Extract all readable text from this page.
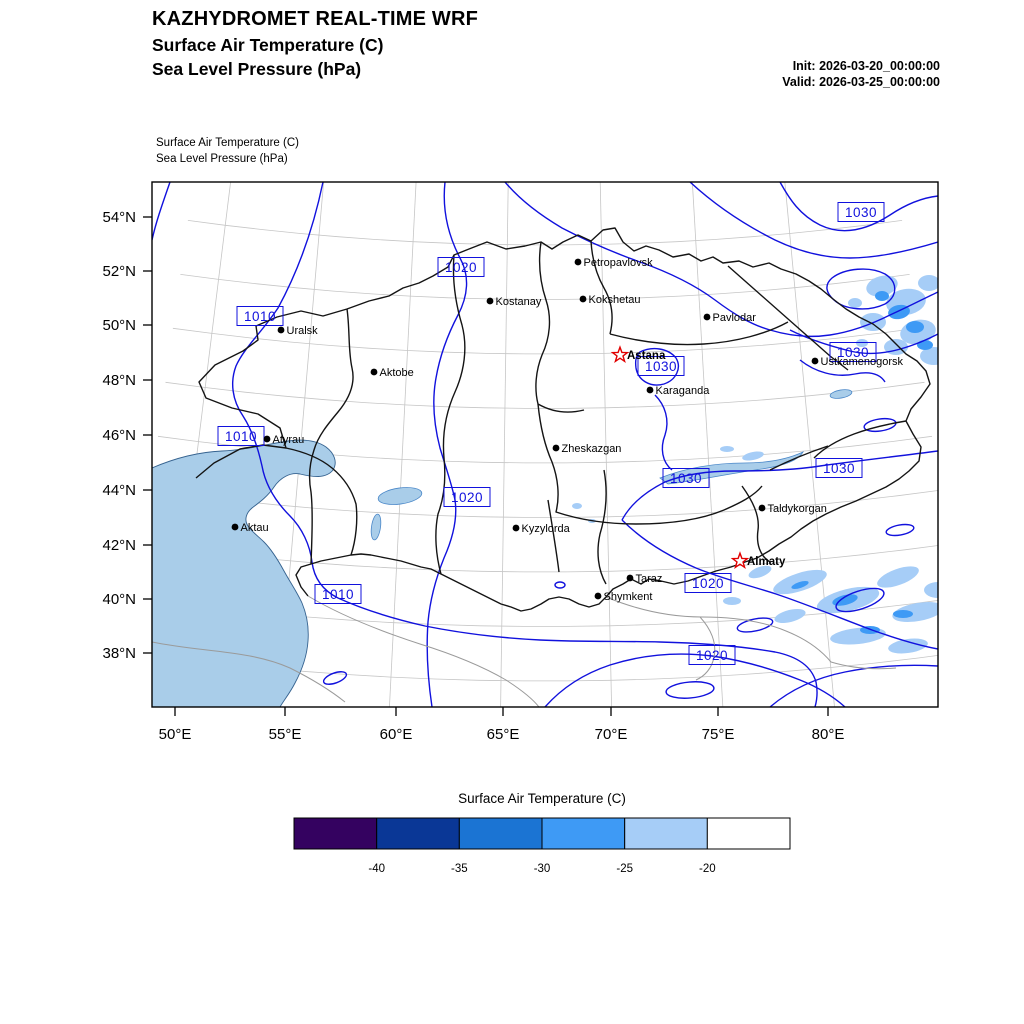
KAZHYDROMET REAL-TIME WRF
Surface Air Temperature (C)
Sea Level Pressure (hPa)	Init: 2026-03-20_00:00:00
Valid: 2026-03-25_00:00:00
Surface Air Temperature (C)
Sea Level Pressure (hPa)
1030
1020
1010
1030
1030
1010
1020
1030
1030
1020
1010
1020
Petropavlovsk
Kostanay	Kokshetau
Pavlodar
Uralsk
Astana
Aktobe
Ustkamenogorsk
Karaganda
Atyrau
Zheskazgan
Taldykorgan
Aktau	Kyzylorda
Almaty
Taraz
Shymkent
50°E	55°E	60°E	65°E	70°E	75°E	80°E
54°N
52°N
50°N
48°N
46°N
44°N
42°N
40°N
38°N
Surface Air Temperature (C)
-40	-35	-30	-25	-20
